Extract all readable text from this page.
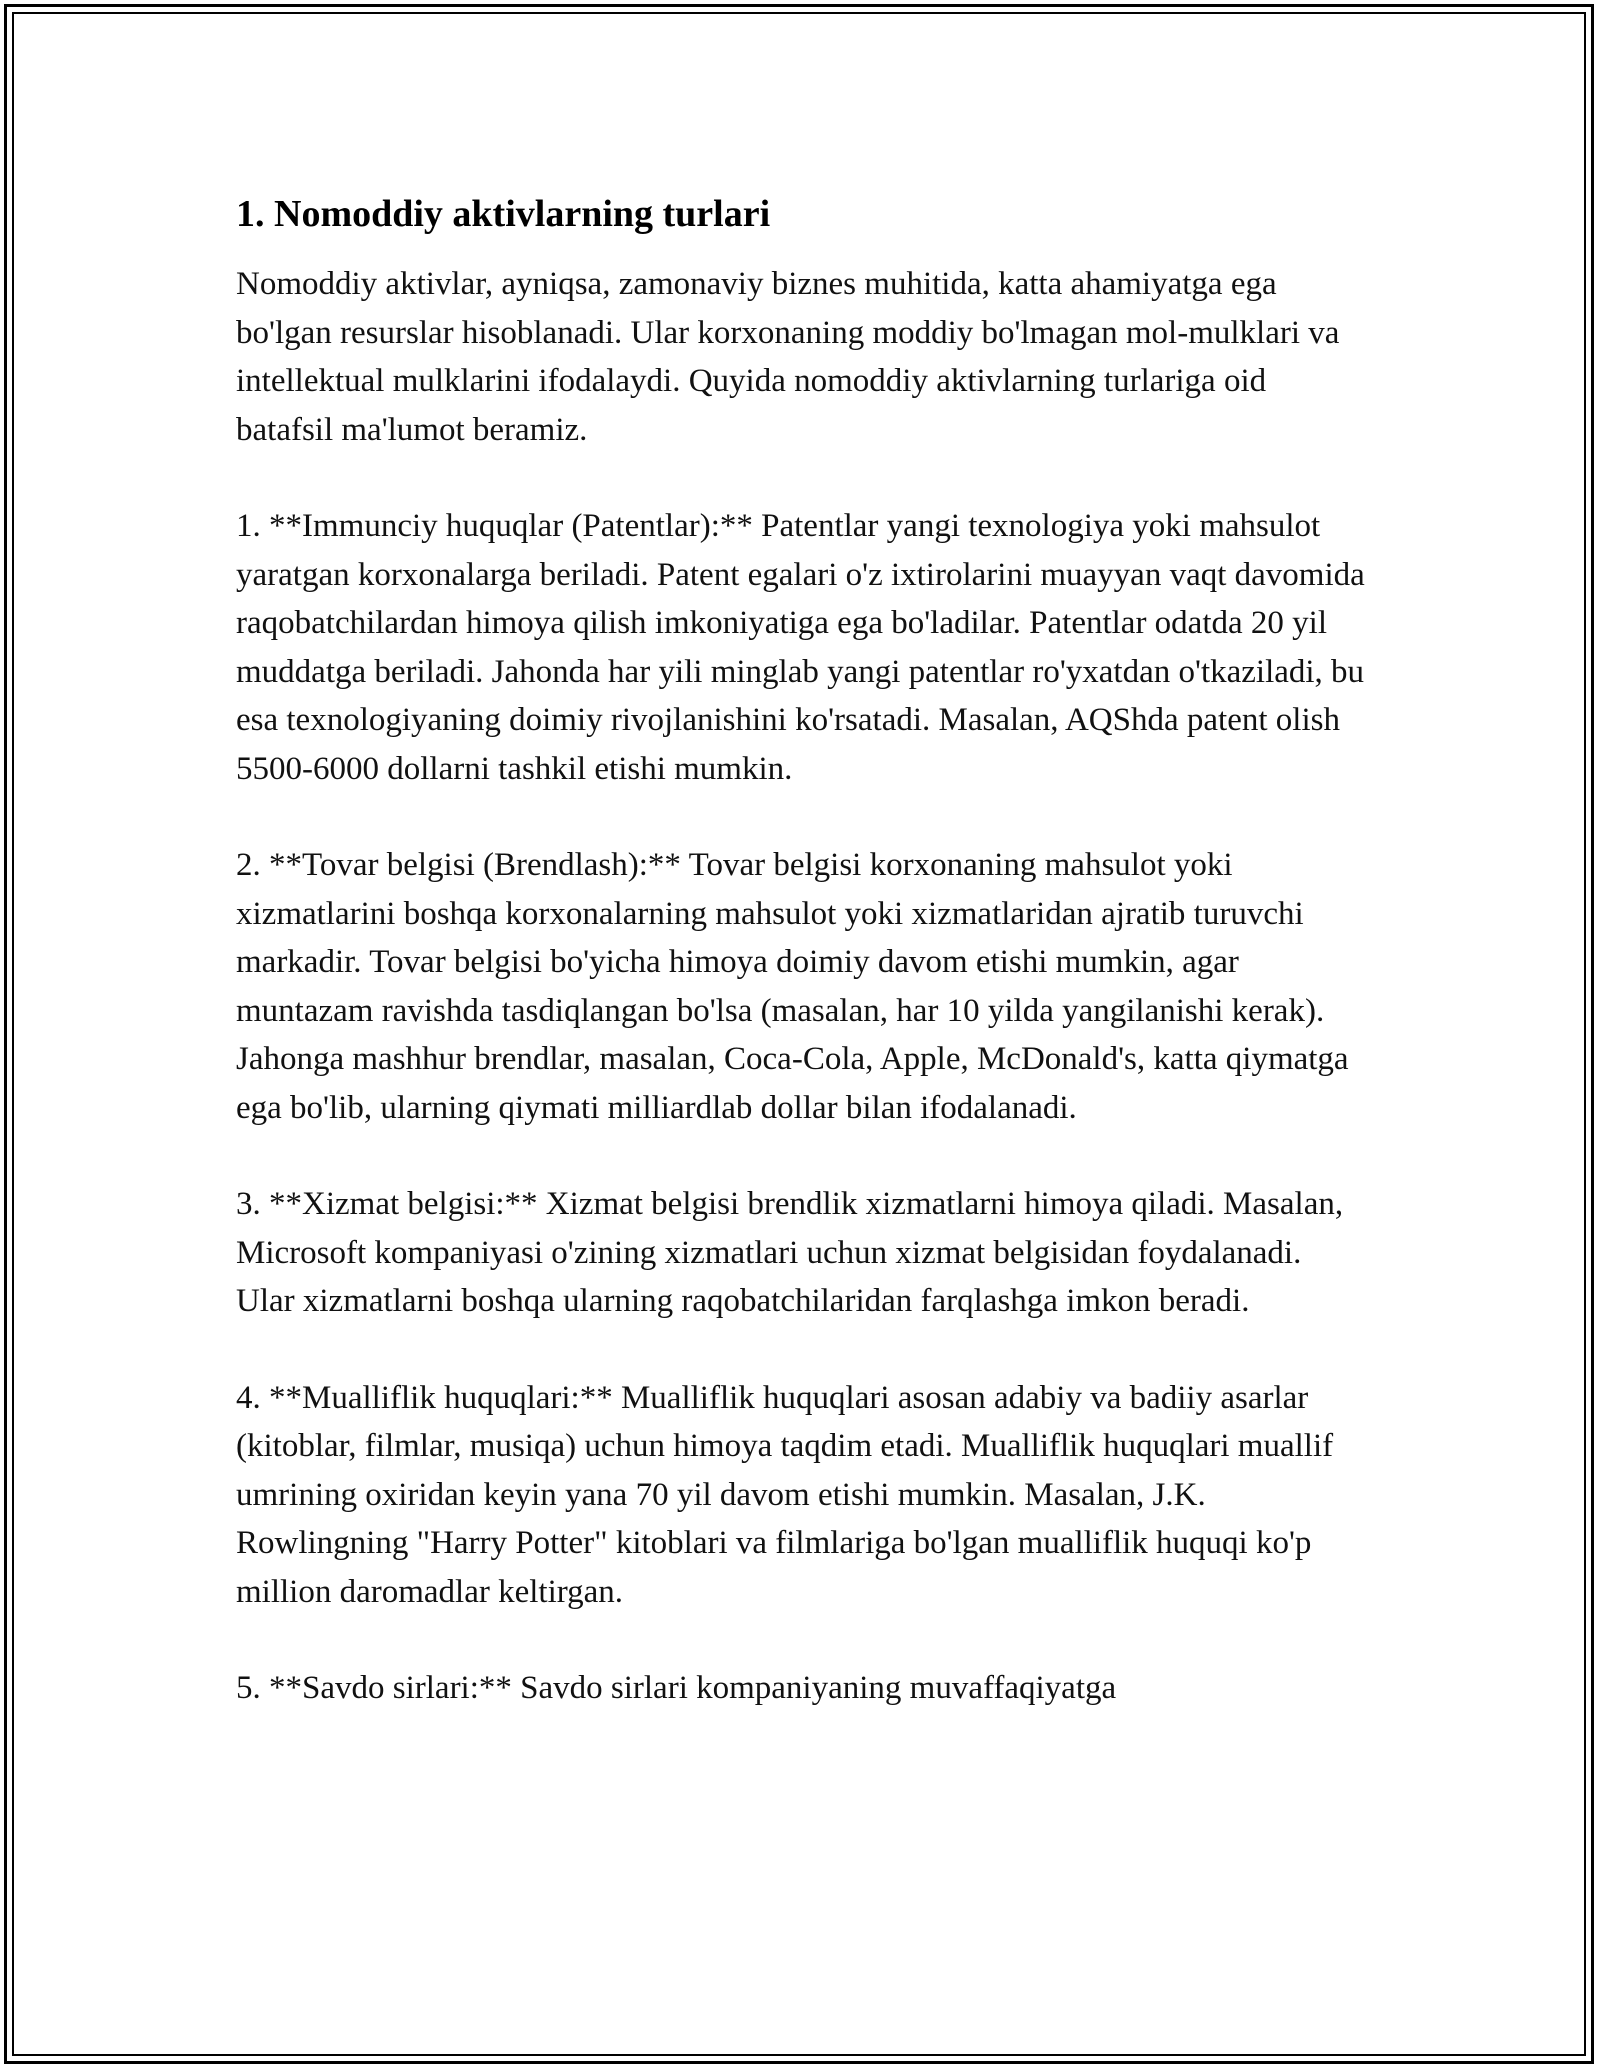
1. Nomoddiy aktivlarning turlari

Nomoddiy aktivlar, ayniqsa, zamonaviy biznes muhitida, katta ahamiyatga ega bo'lgan resurslar hisoblanadi. Ular korxonaning moddiy bo'lmagan mol-mulklari va intellektual mulklarini ifodalaydi. Quyida nomoddiy aktivlarning turlariga oid batafsil ma'lumot beramiz.

1. **Immunciy huquqlar (Patentlar):** Patentlar yangi texnologiya yoki mahsulot yaratgan korxonalarga beriladi. Patent egalari o'z ixtirolarini muayyan vaqt davomida raqobatchilardan himoya qilish imkoniyatiga ega bo'ladilar. Patentlar odatda 20 yil muddatga beriladi. Jahonda har yili minglab yangi patentlar ro'yxatdan o'tkaziladi, bu esa texnologiyaning doimiy rivojlanishini ko'rsatadi. Masalan, AQShda patent olish 5500-6000 dollarni tashkil etishi mumkin.

2. **Tovar belgisi (Brendlash):** Tovar belgisi korxonaning mahsulot yoki xizmatlarini boshqa korxonalarning mahsulot yoki xizmatlaridan ajratib turuvchi markadir. Tovar belgisi bo'yicha himoya doimiy davom etishi mumkin, agar muntazam ravishda tasdiqlangan bo'lsa (masalan, har 10 yilda yangilanishi kerak). Jahonga mashhur brendlar, masalan, Coca-Cola, Apple, McDonald's, katta qiymatga ega bo'lib, ularning qiymati milliardlab dollar bilan ifodalanadi.

3. **Xizmat belgisi:** Xizmat belgisi brendlik xizmatlarni himoya qiladi. Masalan, Microsoft kompaniyasi o'zining xizmatlari uchun xizmat belgisidan foydalanadi. Ular xizmatlarni boshqa ularning raqobatchilaridan farqlashga imkon beradi.

4. **Mualliflik huquqlari:** Mualliflik huquqlari asosan adabiy va badiiy asarlar (kitoblar, filmlar, musiqa) uchun himoya taqdim etadi. Mualliflik huquqlari muallif umrining oxiridan keyin yana 70 yil davom etishi mumkin. Masalan, J.K. Rowlingning "Harry Potter" kitoblari va filmlariga bo'lgan mualliflik huquqi ko'p million daromadlar keltirgan.

5. **Savdo sirlari:** Savdo sirlari kompaniyaning muvaffaqiyatga
